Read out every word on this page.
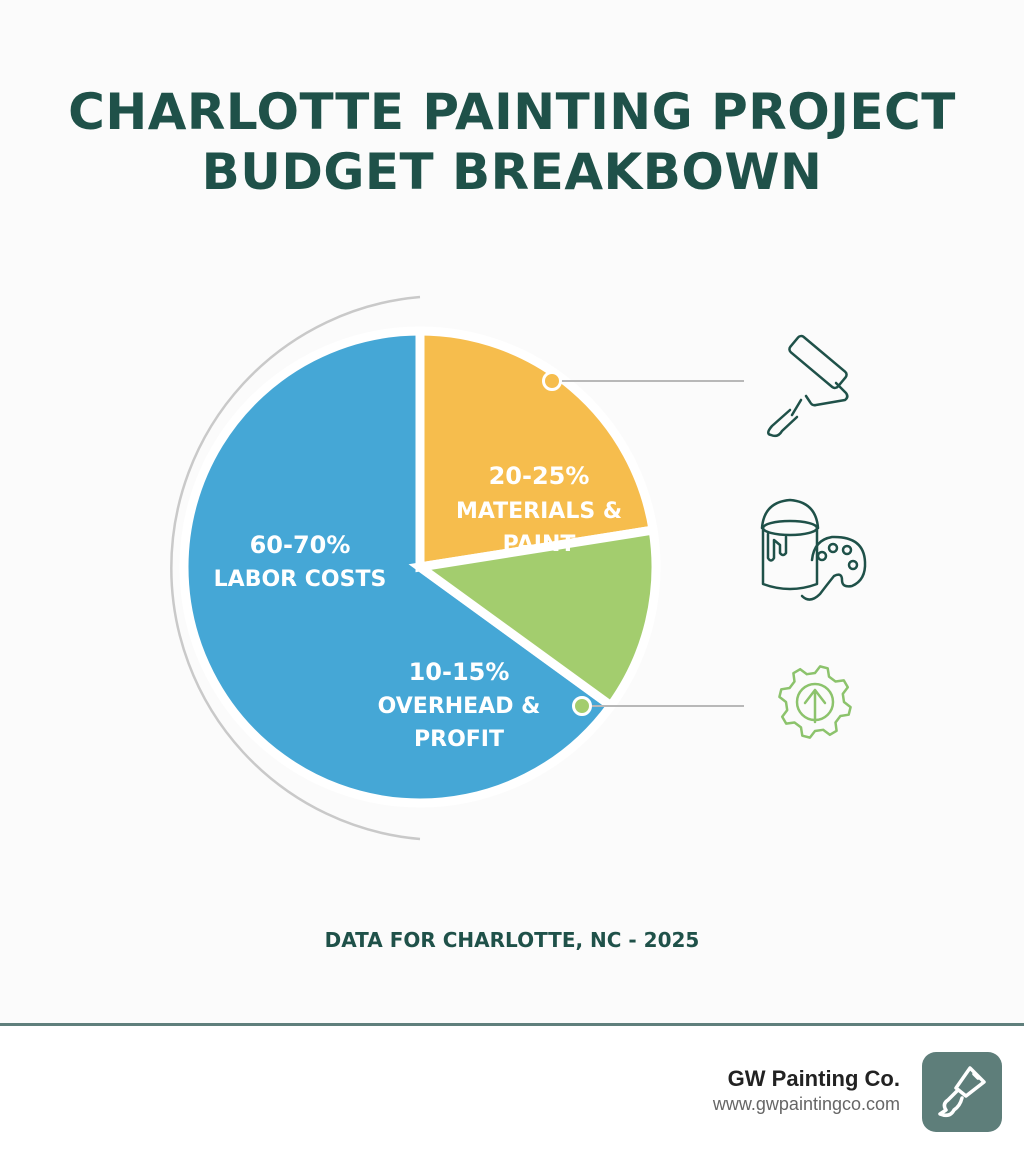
CHARLOTTE PAINTING PROJECT
BUDGET BREAKBOWN
60-70%
LABOR COSTS
20-25%
MATERIALS &
PAINT
10-15%
OVERHEAD &
PROFIT
DATA FOR CHARLOTTE, NC - 2025
GW Painting Co.
www.gwpaintingco.com
